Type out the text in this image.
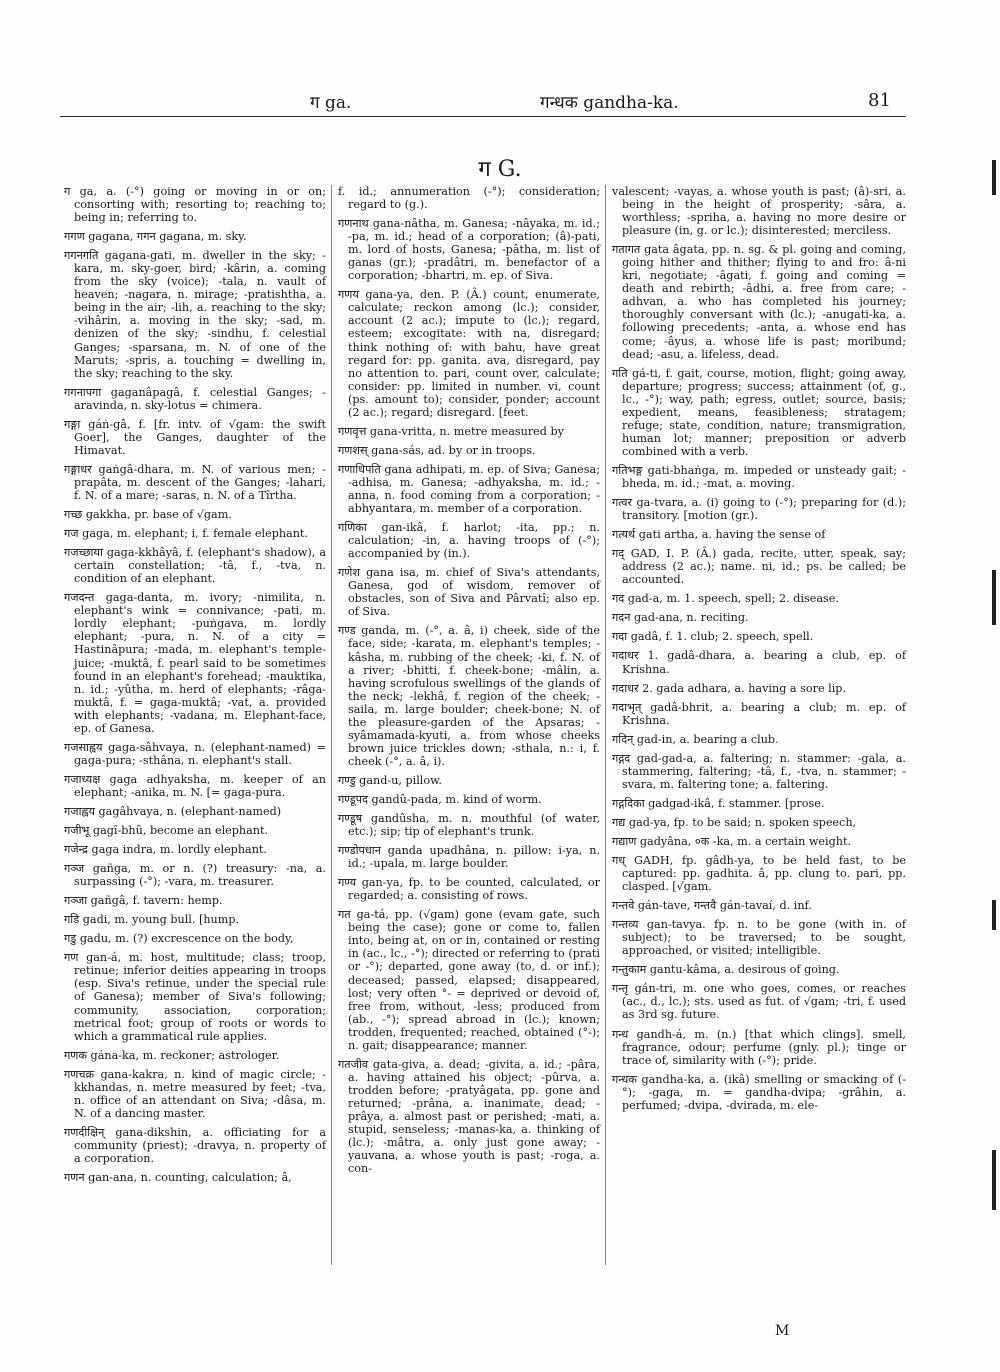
ग ga.	गन्धक gandha-ka.	81
ग G.

ग ga, a. (-°) going or moving in or on; consorting with; resorting to; reaching to; being in; referring to.

गगण gagana, गगन gagana, m. sky.

गगनगति gagana-gati, m. dweller in the sky; -kara, m. sky-goer, bird; -kârin, a. coming from the sky (voice); -tala, n. vault of heaven; -nagara, n. mirage; -pratishtha, a. being in the air; -lih, a. reaching to the sky; -vihârin, a. moving in the sky; -sad, m. denizen of the sky; -sindhu, f. celestial Ganges; -sparsana, m. N. of one of the Maruts; -spris, a. touching = dwelling in, the sky; reaching to the sky.

गगनापगा gaganâpagâ, f. celestial Ganges; -aravinda, n. sky-lotus = chimera.

गङ्गा gáṅ-gâ, f. [fr. intv. of √gam: the swift Goer], the Ganges, daughter of the Himavat.

गङ्गाधर gaṅgâ-dhara, m. N. of various men; -prapâta, m. descent of the Ganges; -lahari, f. N. of a mare; -saras, n. N. of a Tîrtha.

गच्छ gakkha, pr. base of √gam.

गज gaga, m. elephant; i, f. female elephant.

गजच्छाया gaga-kkhâyâ, f. (elephant's shadow), a certain constellation; -tâ, f., -tva, n. condition of an elephant.

गजदन्त gaga-danta, m. ivory; -nimilita, n. elephant's wink = connivance; -pati, m. lordly elephant; -puṅgava, m. lordly elephant; -pura, n. N. of a city = Hastinâpura; -mada, m. elephant's temple-juice; -muktâ, f. pearl said to be sometimes found in an elephant's forehead; -mauktika, n. id.; -yûtha, m. herd of elephants; -râga-muktâ, f. = gaga-muktâ; -vat, a. provided with elephants; -vadana, m. Elephant-face, ep. of Ganesa.

गजसाह्वय gaga-sâhvaya, n. (elephant-named) = gaga-pura; -sthâna, n. elephant's stall.

गजाध्यक्ष gaga adhyaksha, m. keeper of an elephant; -anika, m. N. [= gaga-pura.

गजाह्वय gagâhvaya, n. (elephant-named)

गजीभू gagî-bhû, become an elephant.

गजेन्द्र gaga indra, m. lordly elephant.

गञ्ज gañga, m. or n. (?) treasury: -na, a. surpassing (-°); -vara, m. treasurer.

गञ्जा gañgâ, f. tavern: hemp.

गडि gadi, m. young bull. [hump.

गडु gadu, m. (?) excrescence on the body,

गण gan-á, m. host, multitude; class; troop, retinue; inferior deities appearing in troops (esp. Siva's retinue, under the special rule of Ganesa); member of Siva's following; community, association, corporation; metrical foot; group of roots or words to which a grammatical rule applies.

गणक gána-ka, m. reckoner; astrologer.

गणचक्र gana-kakra, n. kind of magic circle; -kkhandas, n. metre measured by feet; -tva, n. office of an attendant on Siva; -dâsa, m. N. of a dancing master.

गणदीक्षिन् gana-dikshin, a. officiating for a community (priest); -dravya, n. property of a corporation.

गणन gan-ana, n. counting, calculation; â,

f. id.; annumeration (-°); consideration; regard to (g.).

गणनाथ gana-nâtha, m. Ganesa; -nâyaka, m. id.; -pa, m. id.; head of a corporation; (â)-pati, m. lord of hosts, Ganesa; -pâtha, m. list of ganas (gr.); -pradâtri, m. benefactor of a corporation; -bhartri, m. ep. of Siva.

गणय gana-ya, den. P. (Â.) count, enumerate, calculate; reckon among (lc.); consider, account (2 ac.); impute to (lc.); regard, esteem; excogitate: with na, disregard; think nothing of: with bahu, have great regard for: pp. ganita. ava, disregard, pay no attention to. pari, count over, calculate; consider: pp. limited in number. vi, count (ps. amount to); consider, ponder; account (2 ac.); regard; disregard. [feet.

गणवृत्त gana-vritta, n. metre measured by

गणशस् gana-sás, ad. by or in troops.

गणाधिपति gana adhipati, m. ep. of Siva; Ganesa; -adhisa, m. Ganesa; -adhyaksha, m. id.; -anna, n. food coming from a corporation; -abhyantara, m. member of a corporation.

गणिका gan-ikâ, f. harlot; -ita, pp.; n. calculation; -in, a. having troops of (-°); accompanied by (in.).

गणेश gana isa, m. chief of Siva's attendants, Ganesa, god of wisdom, remover of obstacles, son of Siva and Pârvatî; also ep. of Siva.

गण्ड ganda, m. (-°, a. â, i) cheek, side of the face, side; -karata, m. elephant's temples; -kâsha, m. rubbing of the cheek; -ki, f. N. of a river; -bhitti, f. cheek-bone; -mâlin, a. having scrofulous swellings of the glands of the neck; -lekhâ, f. region of the cheek; -saila, m. large boulder; cheek-bone; N. of the pleasure-garden of the Apsaras; -syâmamada-kyuti, a. from whose cheeks brown juice trickles down; -sthala, n.: i, f. cheek (-°, a. â, i).

गण्डु gand-u, pillow.

गण्डूपद gandû-pada, m. kind of worm.

गण्डूष gandûsha, m. n. mouthful (of water, etc.); sip; tip of elephant's trunk.

गण्डोपधान ganda upadhâna, n. pillow: i-ya, n. id.; -upala, m. large boulder.

गण्य gan-ya, fp. to be counted, calculated, or regarded; a. consisting of rows.

गत ga-tá, pp. (√gam) gone (evam gate, such being the case); gone or come to, fallen into, being at, on or in, contained or resting in (ac., lc., -°); directed or referring to (prati or -°); departed, gone away (to, d. or inf.); deceased; passed, elapsed; disappeared, lost; very often °- = deprived or devoid of, free from, without, -less; produced from (ab., -°); spread abroad in (lc.); known; trodden, frequented; reached, obtained (°-); n. gait; disappearance; manner.

गतजीव gata-giva, a. dead; -givita, a. id.; -pâra, a. having attained his object; -pûrva, a. trodden before; -pratyâgata, pp. gone and returned; -prâna, a. inanimate, dead; -prâya, a. almost past or perished; -mati, a. stupid, senseless; -manas-ka, a. thinking of (lc.); -mâtra, a. only just gone away; -yauvana, a. whose youth is past; -roga, a. con-

valescent; -vayas, a. whose youth is past; (â)-sri, a. being in the height of prosperity; -sâra, a. worthless; -spriha, a. having no more desire or pleasure (in, g. or lc.); disinterested; merciless.

गतागत gata âgata, pp. n. sg. & pl. going and coming, going hither and thither; flying to and fro: â-ni kri, negotiate; -âgati, f. going and coming = death and rebirth; -âdhi, a. free from care; -adhvan, a. who has completed his journey; thoroughly conversant with (lc.); -anugati-ka, a. following precedents; -anta, a. whose end has come; -âyus, a. whose life is past; moribund; dead; -asu, a. lifeless, dead.

गति gá-ti, f. gait, course, motion, flight; going away, departure; progress; success; attainment (of, g., lc., -°); way, path; egress, outlet; source, basis; expedient, means, feasibleness; stratagem; refuge; state, condition, nature; transmigration, human lot; manner; preposition or adverb combined with a verb.

गतिभङ्ग gati-bhaṅga, m. impeded or unsteady gait; -bheda, m. id.; -mat, a. moving.

गत्वर ga-tvara, a. (i) going to (-°); preparing for (d.); transitory. [motion (gr.).

गत्यर्थ gati artha, a. having the sense of

गद् GAD, I. P. (Â.) gada, recite, utter, speak, say; address (2 ac.); name. ni, id.; ps. be called; be accounted.

गद gad-a, m. 1. speech, spell; 2. disease.

गदन gad-ana, n. reciting.

गदा gadâ, f. 1. club; 2. speech, spell.

गदाधर 1. gadâ-dhara, a. bearing a club, ep. of Krishna.

गदाधर 2. gada adhara, a. having a sore lip.

गदाभृत् gadâ-bhrit, a. bearing a club; m. ep. of Krishna.

गदिन् gad-in, a. bearing a club.

गद्गद gad-gad-a, a. faltering; n. stammer: -gala, a. stammering, faltering; -tâ, f., -tva, n. stammer; -svara, m. faltering tone; a. faltering.

गद्गदिका gadgad-ikâ, f. stammer. [prose.

गद्य gad-ya, fp. to be said; n. spoken speech,

गद्याण gadyâna, ०क -ka, m. a certain weight.

गध् GADH, fp. gâdh-ya, to be held fast, to be captured: pp. gadhita. â, pp. clung to. pari, pp. clasped. [√gam.

गन्तवे gán-tave, गन्तवै gán-tavaí, d. inf.

गन्तव्य gan-tavya. fp. n. to be gone (with in. of subject); to be traversed; to be sought, approached, or visited; intelligible.

गन्तुकाम gantu-kâma, a. desirous of going.

गन्तृ gán-tri, m. one who goes, comes, or reaches (ac., d., lc.); sts. used as fut. of √gam; -tri, f. used as 3rd sg. future.

गन्ध gandh-á, m. (n.) [that which clings]. smell, fragrance, odour; perfume (gnly. pl.); tinge or trace of, similarity with (-°); pride.

गन्धक gandha-ka, a. (ikâ) smelling or smacking of (-°); -gaga, m. = gandha-dvipa; -grâhin, a. perfumed; -dvipa, -dvirada, m. ele-

M
